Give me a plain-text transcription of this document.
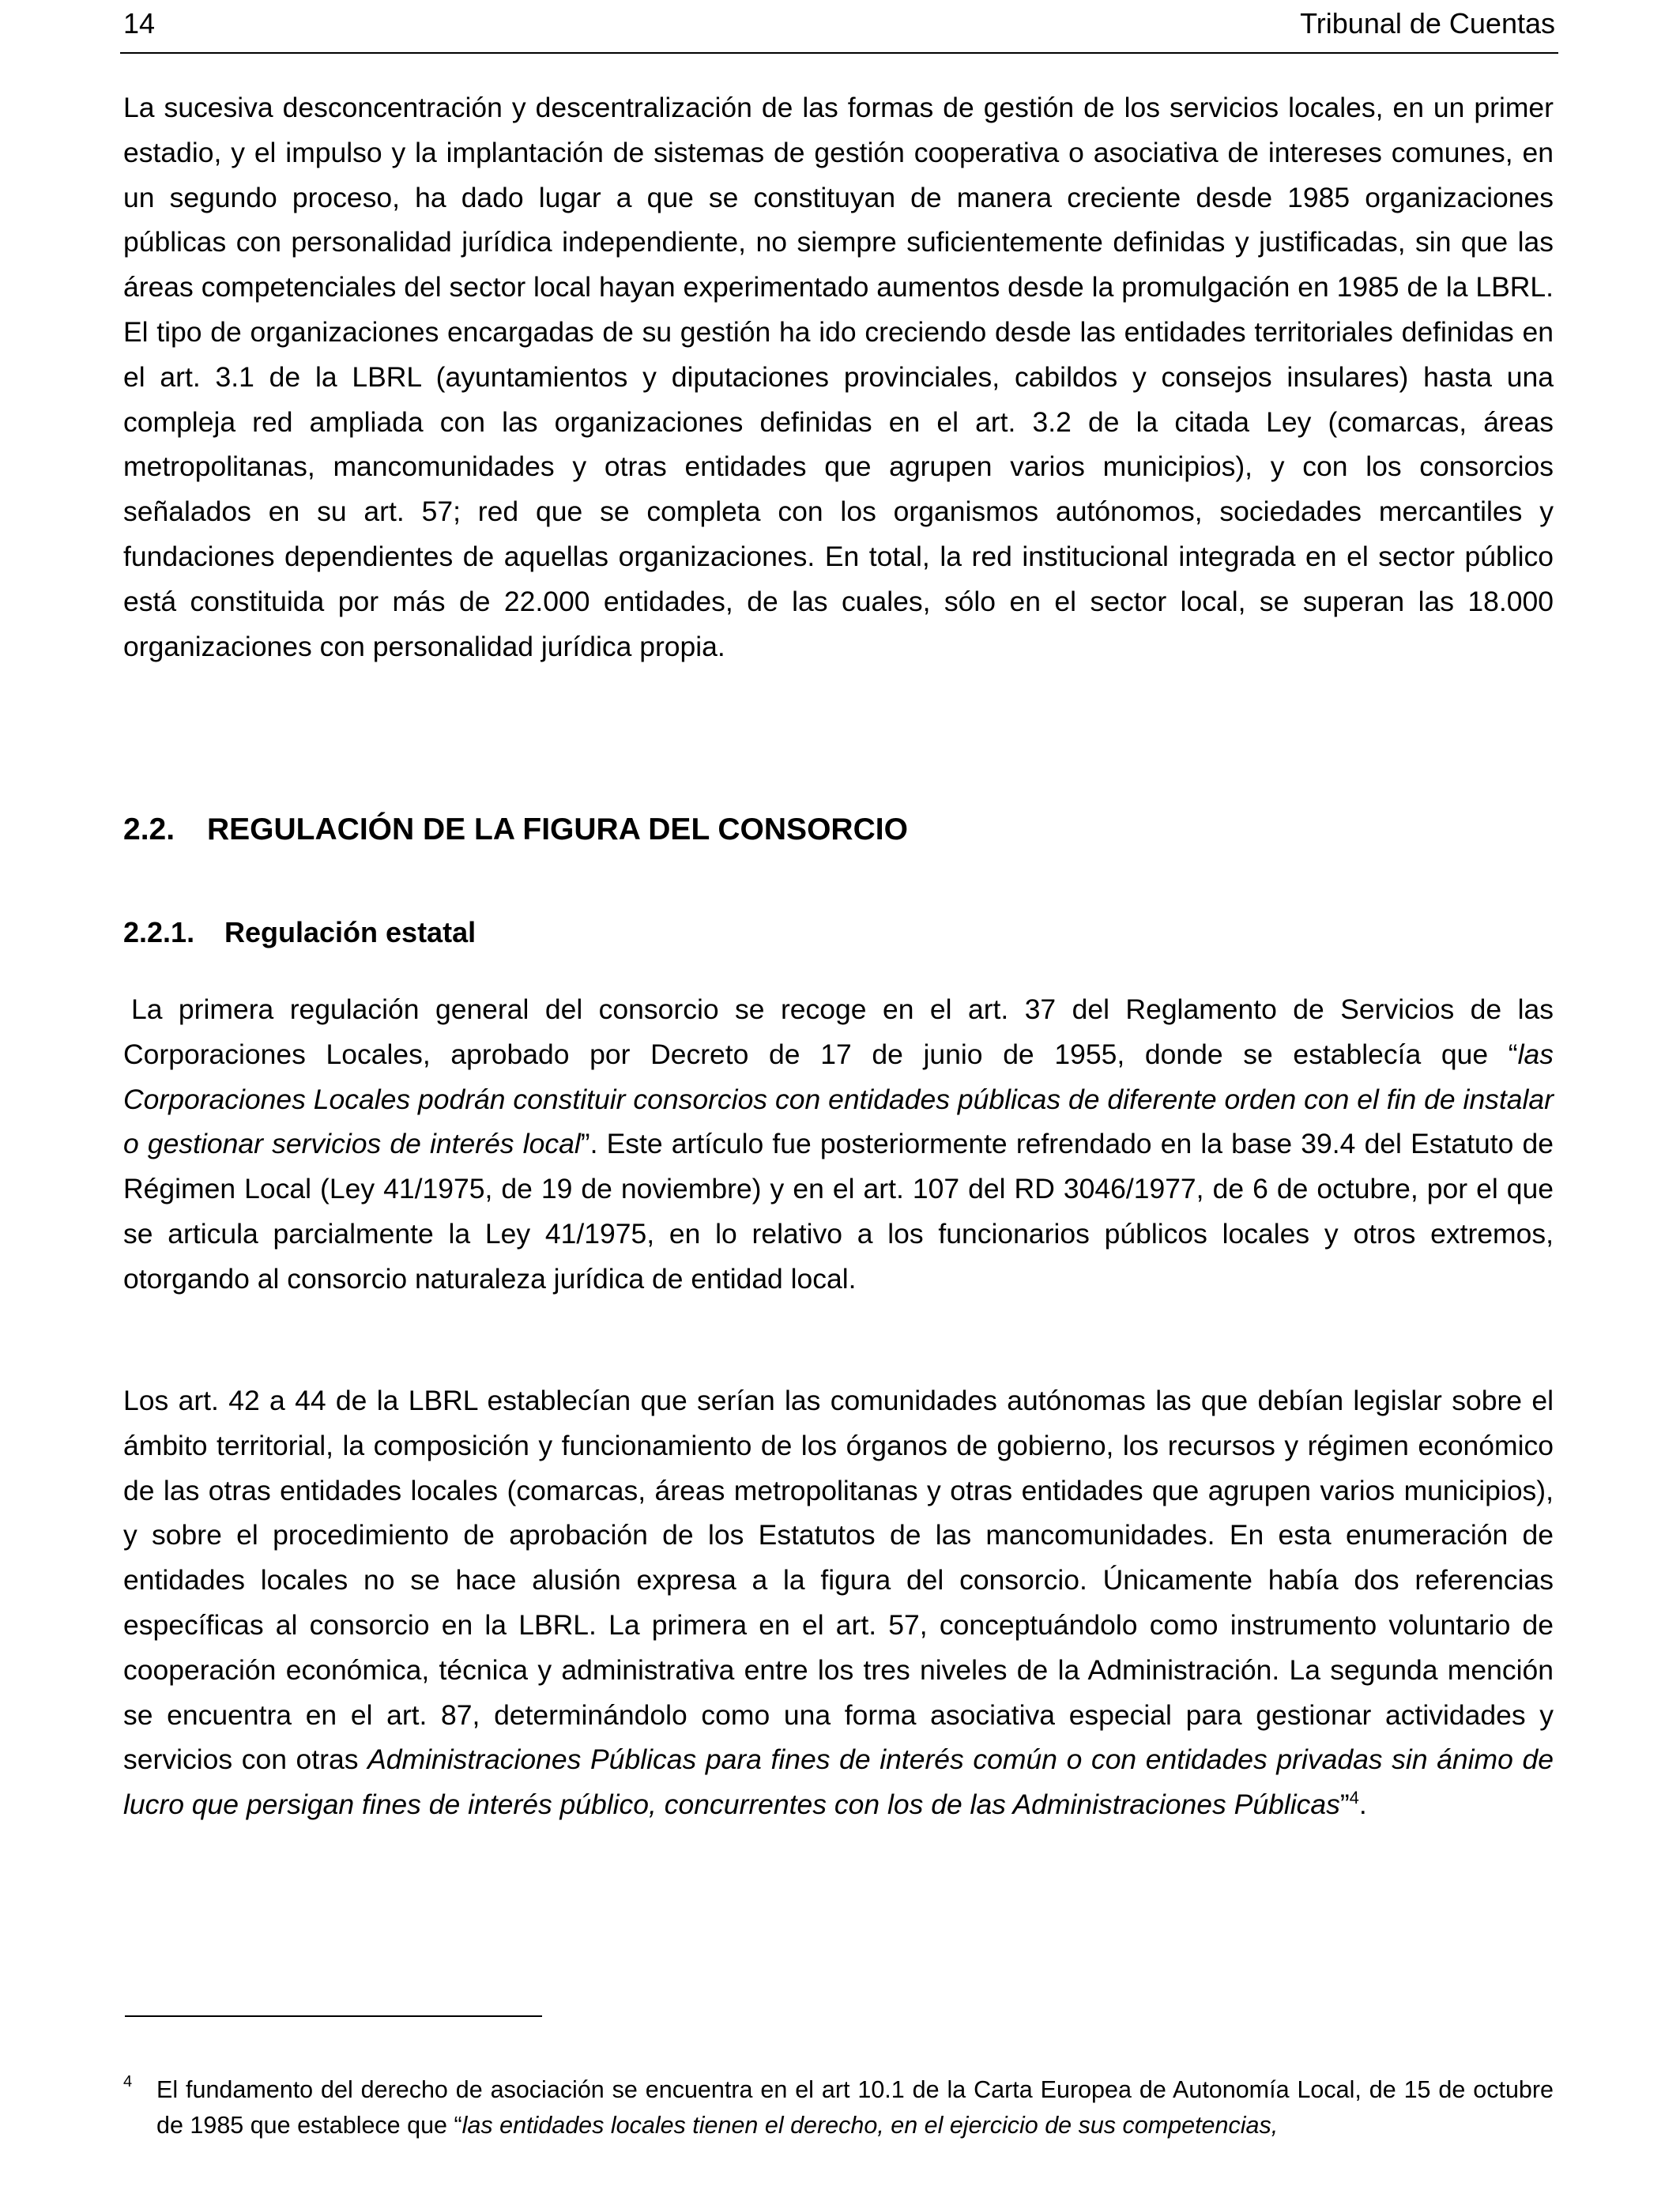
14	Tribunal de Cuentas

La sucesiva desconcentración y descentralización de las formas de gestión de los servicios locales, en un primer estadio, y el impulso y la implantación de sistemas de gestión cooperativa o asociativa de intereses comunes, en un segundo proceso, ha dado lugar a que se constituyan de manera creciente desde 1985 organizaciones públicas con personalidad jurídica independiente, no siempre suficientemente definidas y justificadas, sin que las áreas competenciales del sector local hayan experimentado aumentos desde la promulgación en 1985 de la LBRL. El tipo de organizaciones encargadas de su gestión ha ido creciendo desde las entidades territoriales definidas en el art. 3.1 de la LBRL (ayuntamientos y diputaciones provinciales, cabildos y consejos insulares) hasta una compleja red ampliada con las organizaciones definidas en el art. 3.2 de la citada Ley (comarcas, áreas metropolitanas, mancomunidades y otras entidades que agrupen varios municipios), y con los consorcios señalados en su art. 57; red que se completa con los organismos autónomos, sociedades mercantiles y fundaciones dependientes de aquellas organizaciones. En total, la red institucional integrada en el sector público está constituida por más de 22.000 entidades, de las cuales, sólo en el sector local, se superan las 18.000 organizaciones con personalidad jurídica propia.

2.2. REGULACIÓN DE LA FIGURA DEL CONSORCIO
2.2.1. Regulación estatal

La primera regulación general del consorcio se recoge en el art. 37 del Reglamento de Servicios de las Corporaciones Locales, aprobado por Decreto de 17 de junio de 1955, donde se establecía que “las Corporaciones Locales podrán constituir consorcios con entidades públicas de diferente orden con el fin de instalar o gestionar servicios de interés local”. Este artículo fue posteriormente refrendado en la base 39.4 del Estatuto de Régimen Local (Ley 41/1975, de 19 de noviembre) y en el art. 107 del RD 3046/1977, de 6 de octubre, por el que se articula parcialmente la Ley 41/1975, en lo relativo a los funcionarios públicos locales y otros extremos, otorgando al consorcio naturaleza jurídica de entidad local.

Los art. 42 a 44 de la LBRL establecían que serían las comunidades autónomas las que debían legislar sobre el ámbito territorial, la composición y funcionamiento de los órganos de gobierno, los recursos y régimen económico de las otras entidades locales (comarcas, áreas metropolitanas y otras entidades que agrupen varios municipios), y sobre el procedimiento de aprobación de los Estatutos de las mancomunidades. En esta enumeración de entidades locales no se hace alusión expresa a la figura del consorcio. Únicamente había dos referencias específicas al consorcio en la LBRL. La primera en el art. 57, conceptuándolo como instrumento voluntario de cooperación económica, técnica y administrativa entre los tres niveles de la Administración. La segunda mención se encuentra en el art. 87, determinándolo como una forma asociativa especial para gestionar actividades y servicios con otras Administraciones Públicas para fines de interés común o con entidades privadas sin ánimo de lucro que persigan fines de interés público, concurrentes con los de las Administraciones Públicas”$^4$.

4 El fundamento del derecho de asociación se encuentra en el art 10.1 de la Carta Europea de Autonomía Local, de 15 de octubre de 1985 que establece que “las entidades locales tienen el derecho, en el ejercicio de sus competencias,
